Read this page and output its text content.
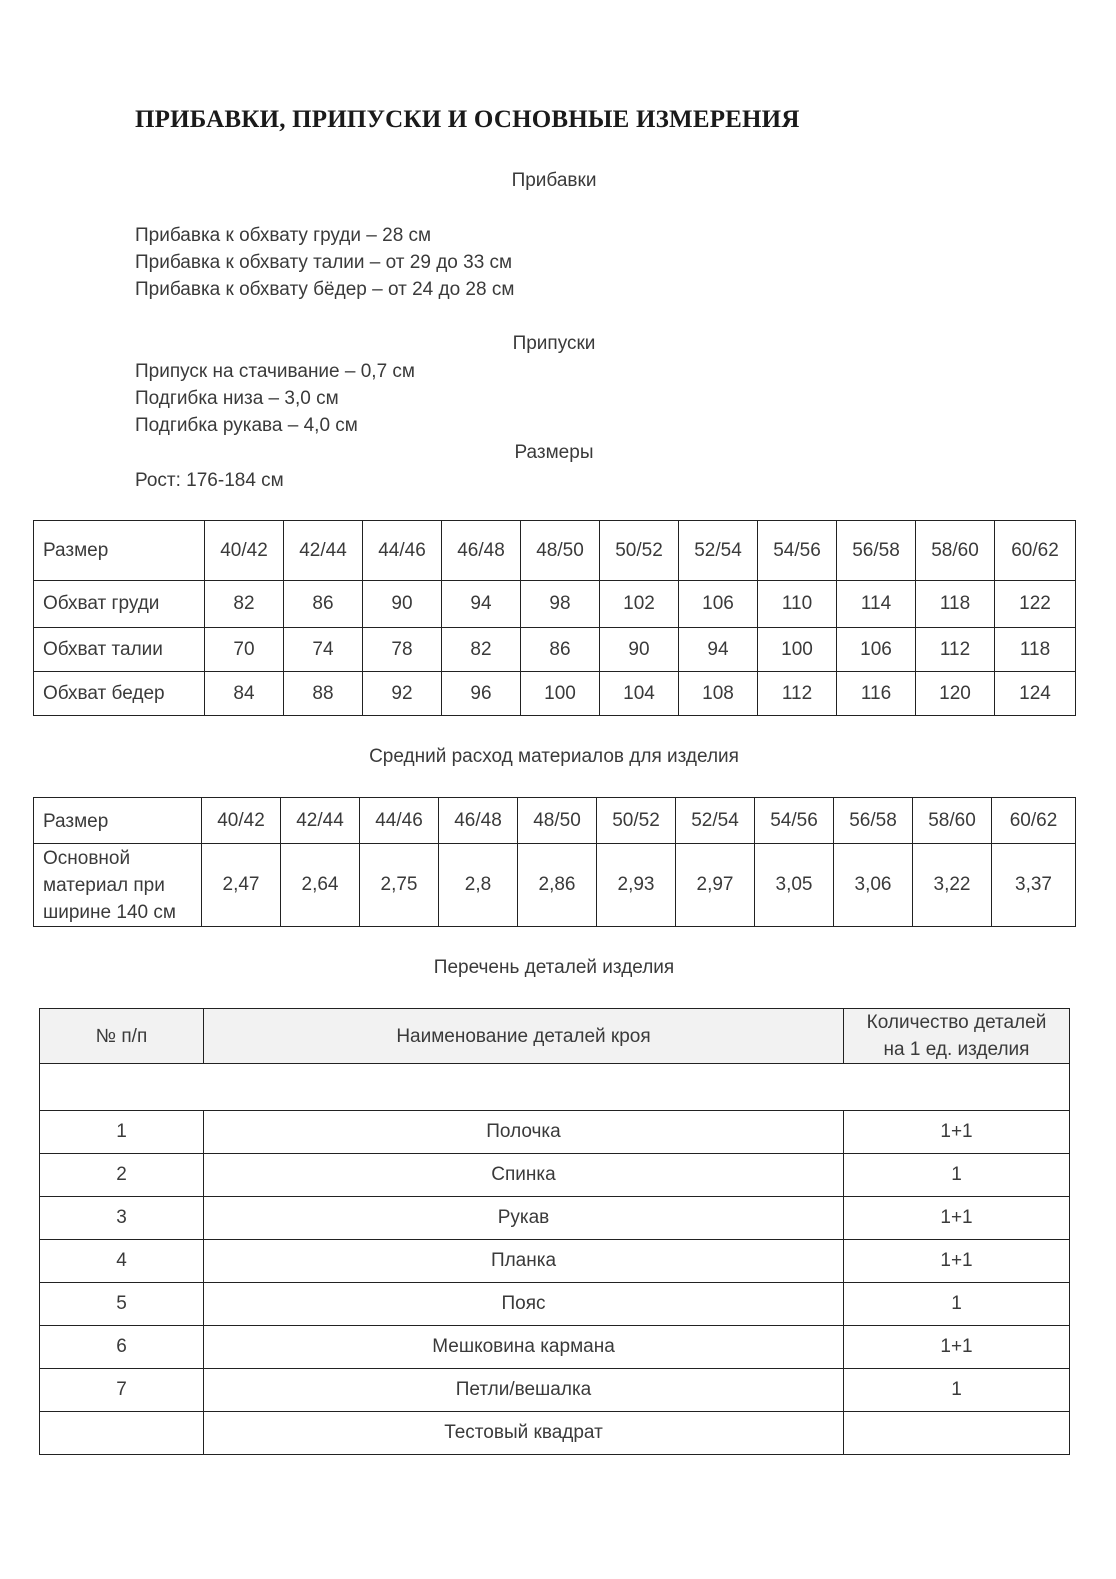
ПРИБАВКИ, ПРИПУСКИ И ОСНОВНЫЕ ИЗМЕРЕНИЯ
Прибавки
Прибавка к обхвату груди – 28 см
Прибавка к обхвату талии – от 29 до 33 см
Прибавка к обхвату бёдер – от 24 до 28 см
Припуски
Припуск на стачивание – 0,7 см
Подгибка низа – 3,0 см
Подгибка рукава – 4,0 см
Размеры
Рост: 176-184 см
Размер	40/42	42/44	44/46	46/48	48/50	50/52	52/54	54/56	56/58	58/60	60/62
Обхват груди	82	86	90	94	98	102	106	110	114	118	122
Обхват талии	70	74	78	82	86	90	94	100	106	112	118
Обхват бедер	84	88	92	96	100	104	108	112	116	120	124
Средний расход материалов для изделия
Размер	40/42	42/44	44/46	46/48	48/50	50/52	52/54	54/56	56/58	58/60	60/62

Основной
материал при
ширине 140 см	2,47	2,64	2,75	2,8	2,86	2,93	2,97	3,05	3,06	3,22	3,37
Перечень деталей изделия
№ п/п	Наименование деталей кроя	Количество деталей
на 1 ед. изделия

1	Полочка	1+1
2	Спинка	1
3	Рукав	1+1
4	Планка	1+1
5	Пояс	1
6	Мешковина кармана	1+1
7	Петли/вешалка	1
	Тестовый квадрат	
